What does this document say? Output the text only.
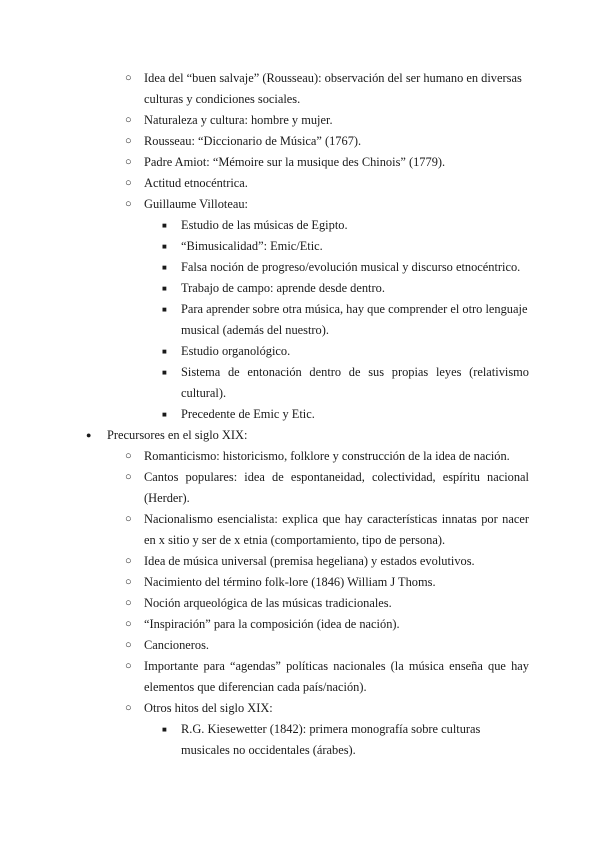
○ Idea del “buen salvaje” (Rousseau): observación del ser humano en diversas culturas y condiciones sociales.
○ Naturaleza y cultura: hombre y mujer.
○ Rousseau: “Diccionario de Música” (1767).
○ Padre Amiot: “Mémoire sur la musique des Chinois” (1779).
○ Actitud etnocéntrica.
○ Guillaume Villoteau:
■ Estudio de las músicas de Egipto.
■ “Bimusicalidad”: Emic/Etic.
■ Falsa noción de progreso/evolución musical y discurso etnocéntrico.
■ Trabajo de campo: aprende desde dentro.
■ Para aprender sobre otra música, hay que comprender el otro lenguaje musical (además del nuestro).
■ Estudio organológico.
■ Sistema de entonación dentro de sus propias leyes (relativismo cultural).
■ Precedente de Emic y Etic.
● Precursores en el siglo XIX:
○ Romanticismo: historicismo, folklore y construcción de la idea de nación.
○ Cantos populares: idea de espontaneidad, colectividad, espíritu nacional (Herder).
○ Nacionalismo esencialista: explica que hay características innatas por nacer en x sitio y ser de x etnia (comportamiento, tipo de persona).
○ Idea de música universal (premisa hegeliana) y estados evolutivos.
○ Nacimiento del término folk-lore (1846) William J Thoms.
○ Noción arqueológica de las músicas tradicionales.
○ “Inspiración” para la composición (idea de nación).
○ Cancioneros.
○ Importante para “agendas” políticas nacionales (la música enseña que hay elementos que diferencian cada país/nación).
○ Otros hitos del siglo XIX:
■ R.G. Kiesewetter (1842): primera monografía sobre culturas musicales no occidentales (árabes).
